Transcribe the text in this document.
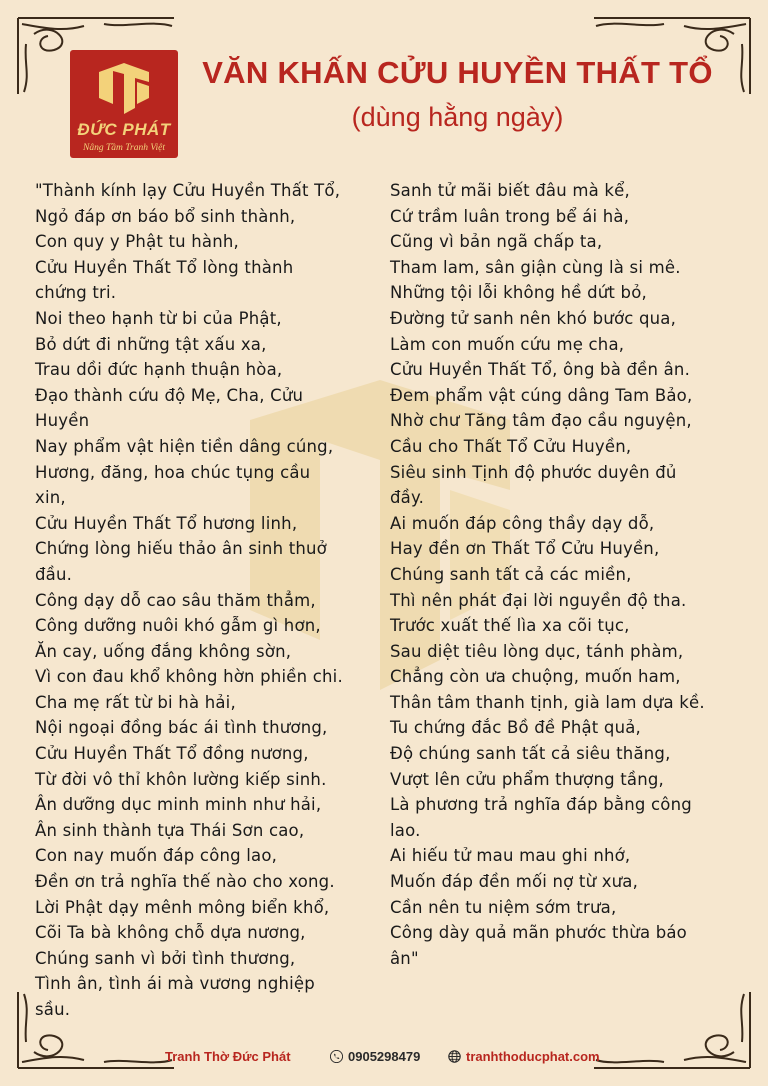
ĐỨC PHÁT
Nâng Tầm Tranh Việt
VĂN KHẤN CỬU HUYỀN THẤT TỔ
(dùng hằng ngày)
"Thành kính lạy Cửu Huyền Thất Tổ,
Ngỏ đáp ơn báo bổ sinh thành,
Con quy y Phật tu hành,
Cửu Huyền Thất Tổ lòng thành
chứng tri.
Noi theo hạnh từ bi của Phật,
Bỏ dứt đi những tật xấu xa,
Trau dồi đức hạnh thuận hòa,
Đạo thành cứu độ Mẹ, Cha, Cửu
Huyền
Nay phẩm vật hiện tiền dâng cúng,
Hương, đăng, hoa chúc tụng cầu
xin,
Cửu Huyền Thất Tổ hương linh,
Chứng lòng hiếu thảo ân sinh thuở
đầu.
Công dạy dỗ cao sâu thăm thẳm,
Công dưỡng nuôi khó gẫm gì hơn,
Ăn cay, uống đắng không sờn,
Vì con đau khổ không hờn phiền chi.
Cha mẹ rất từ bi hà hải,
Nội ngoại đồng bác ái tình thương,
Cửu Huyền Thất Tổ đồng nương,
Từ đời vô thỉ khôn lường kiếp sinh.
Ân dưỡng dục minh minh như hải,
Ân sinh thành tựa Thái Sơn cao,
Con nay muốn đáp công lao,
Đền ơn trả nghĩa thế nào cho xong.
Lời Phật dạy mênh mông biển khổ,
Cõi Ta bà không chỗ dựa nương,
Chúng sanh vì bởi tình thương,
Tình ân, tình ái mà vương nghiệp
sầu.
Sanh tử mãi biết đâu mà kể,
Cứ trầm luân trong bể ái hà,
Cũng vì bản ngã chấp ta,
Tham lam, sân giận cùng là si mê.
Những tội lỗi không hề dứt bỏ,
Đường tử sanh nên khó bước qua,
Làm con muốn cứu mẹ cha,
Cửu Huyền Thất Tổ, ông bà đền ân.
Đem phẩm vật cúng dâng Tam Bảo,
Nhờ chư Tăng tâm đạo cầu nguyện,
Cầu cho Thất Tổ Cửu Huyền,
Siêu sinh Tịnh độ phước duyên đủ
đầy.
Ai muốn đáp công thầy dạy dỗ,
Hay đền ơn Thất Tổ Cửu Huyền,
Chúng sanh tất cả các miền,
Thì nên phát đại lời nguyền độ tha.
Trước xuất thế lìa xa cõi tục,
Sau diệt tiêu lòng dục, tánh phàm,
Chẳng còn ưa chuộng, muốn ham,
Thân tâm thanh tịnh, già lam dựa kề.
Tu chứng đắc Bồ đề Phật quả,
Độ chúng sanh tất cả siêu thăng,
Vượt lên cửu phẩm thượng tầng,
Là phương trả nghĩa đáp bằng công
lao.
Ai hiếu tử mau mau ghi nhớ,
Muốn đáp đền mối nợ từ xưa,
Cần nên tu niệm sớm trưa,
Công dày quả mãn phước thừa báo
ân"
Tranh Thờ Đức Phát	0905298479	tranhthoducphat.com
